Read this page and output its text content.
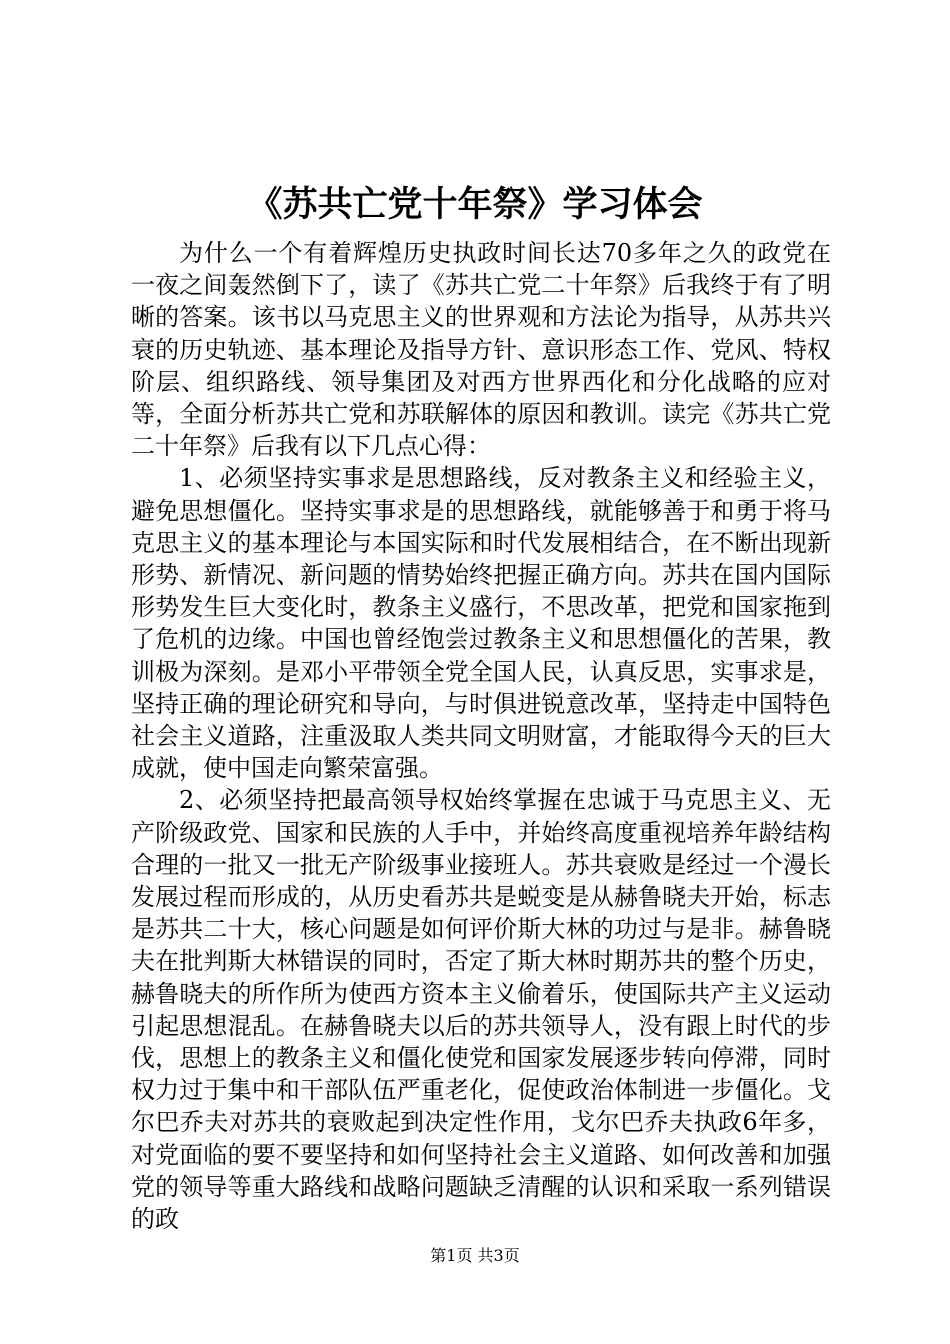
《苏共亡党十年祭》学习体会

为什么一个有着辉煌历史执政时间长达70多年之久的政党在一夜之间轰然倒下了，读了《苏共亡党二十年祭》后我终于有了明晰的答案。该书以马克思主义的世界观和方法论为指导，从苏共兴衰的历史轨迹、基本理论及指导方针、意识形态工作、党风、特权阶层、组织路线、领导集团及对西方世界西化和分化战略的应对等，全面分析苏共亡党和苏联解体的原因和教训。读完《苏共亡党二十年祭》后我有以下几点心得：

1、必须坚持实事求是思想路线，反对教条主义和经验主义，避免思想僵化。坚持实事求是的思想路线，就能够善于和勇于将马克思主义的基本理论与本国实际和时代发展相结合，在不断出现新形势、新情况、新问题的情势始终把握正确方向。苏共在国内国际形势发生巨大变化时，教条主义盛行，不思改革，把党和国家拖到了危机的边缘。中国也曾经饱尝过教条主义和思想僵化的苦果，教训极为深刻。是邓小平带领全党全国人民，认真反思，实事求是，坚持正确的理论研究和导向，与时俱进锐意改革，坚持走中国特色社会主义道路，注重汲取人类共同文明财富，才能取得今天的巨大成就，使中国走向繁荣富强。

2、必须坚持把最高领导权始终掌握在忠诚于马克思主义、无产阶级政党、国家和民族的人手中，并始终高度重视培养年龄结构合理的一批又一批无产阶级事业接班人。苏共衰败是经过一个漫长发展过程而形成的，从历史看苏共是蜕变是从赫鲁晓夫开始，标志是苏共二十大，核心问题是如何评价斯大林的功过与是非。赫鲁晓夫在批判斯大林错误的同时，否定了斯大林时期苏共的整个历史，赫鲁晓夫的所作所为使西方资本主义偷着乐，使国际共产主义运动引起思想混乱。在赫鲁晓夫以后的苏共领导人，没有跟上时代的步伐，思想上的教条主义和僵化使党和国家发展逐步转向停滞，同时权力过于集中和干部队伍严重老化，促使政治体制进一步僵化。戈尔巴乔夫对苏共的衰败起到决定性作用，戈尔巴乔夫执政6年多，对党面临的要不要坚持和如何坚持社会主义道路、如何改善和加强党的领导等重大路线和战略问题缺乏清醒的认识和采取一系列错误的政

第1页 共3页
